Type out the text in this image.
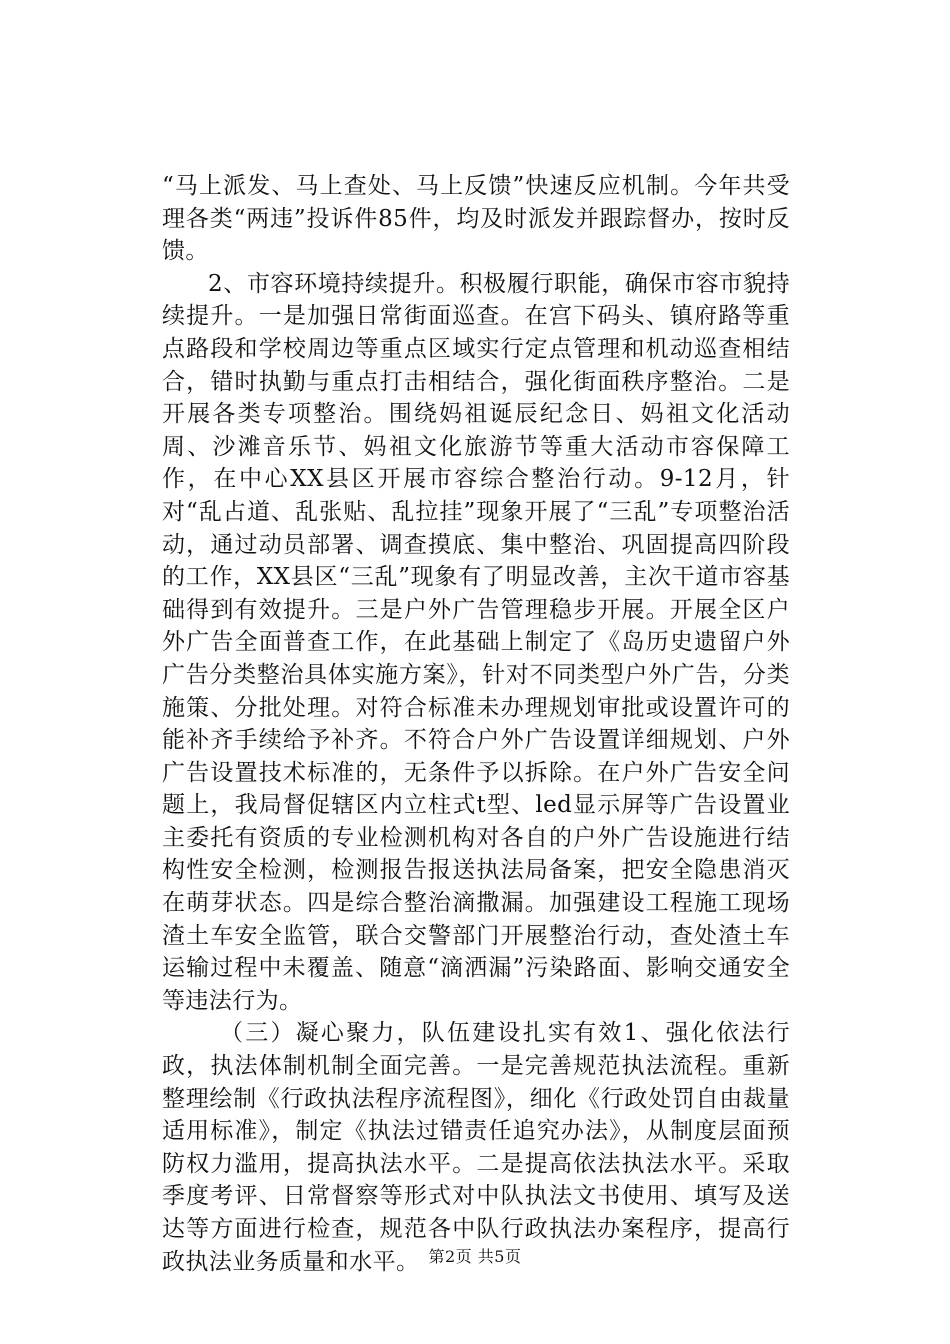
“马上派发、马上查处、马上反馈”快速反应机制。今年共受理各类“两违”投诉件85件，均及时派发并跟踪督办，按时反馈。

2、市容环境持续提升。积极履行职能，确保市容市貌持续提升。一是加强日常街面巡查。在宫下码头、镇府路等重点路段和学校周边等重点区域实行定点管理和机动巡查相结合，错时执勤与重点打击相结合，强化街面秩序整治。二是开展各类专项整治。围绕妈祖诞辰纪念日、妈祖文化活动周、沙滩音乐节、妈祖文化旅游节等重大活动市容保障工作，在中心XX县区开展市容综合整治行动。9-12月，针对“乱占道、乱张贴、乱拉挂”现象开展了“三乱”专项整治活动，通过动员部署、调查摸底、集中整治、巩固提高四阶段的工作，XX县区“三乱”现象有了明显改善，主次干道市容基础得到有效提升。三是户外广告管理稳步开展。开展全区户外广告全面普查工作，在此基础上制定了《岛历史遗留户外广告分类整治具体实施方案》，针对不同类型户外广告，分类施策、分批处理。对符合标准未办理规划审批或设置许可的能补齐手续给予补齐。不符合户外广告设置详细规划、户外广告设置技术标准的，无条件予以拆除。在户外广告安全问题上，我局督促辖区内立柱式t型、led显示屏等广告设置业主委托有资质的专业检测机构对各自的户外广告设施进行结构性安全检测，检测报告报送执法局备案，把安全隐患消灭在萌芽状态。四是综合整治滴撒漏。加强建设工程施工现场渣土车安全监管，联合交警部门开展整治行动，查处渣土车运输过程中未覆盖、随意“滴洒漏”污染路面、影响交通安全等违法行为。

（三）凝心聚力，队伍建设扎实有效1、强化依法行政，执法体制机制全面完善。一是完善规范执法流程。重新整理绘制《行政执法程序流程图》，细化《行政处罚自由裁量适用标准》，制定《执法过错责任追究办法》，从制度层面预防权力滥用，提高执法水平。二是提高依法执法水平。采取季度考评、日常督察等形式对中队执法文书使用、填写及送达等方面进行检查，规范各中队行政执法办案程序，提高行政执法业务质量和水平。 第2页 共5页
